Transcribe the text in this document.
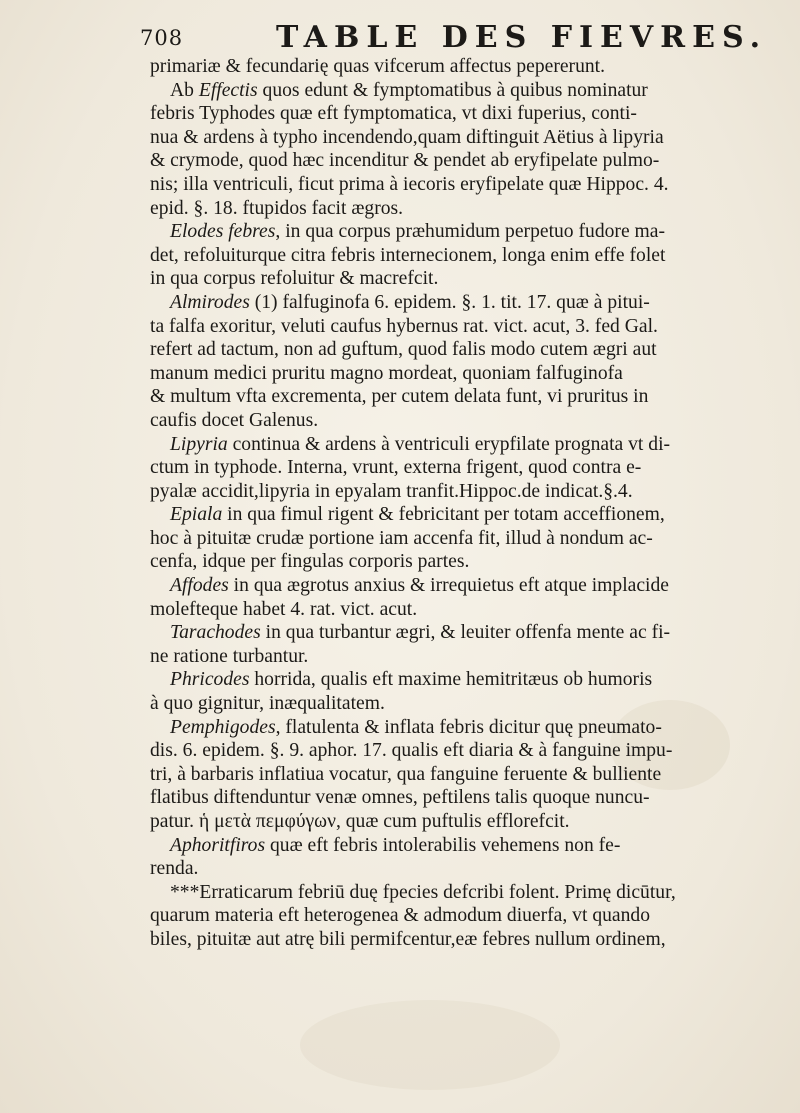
708	TABLE DES FIEVRES.
primariæ & fecundarię quas vifcerum affectus pepererunt.
Ab Effectis quos edunt & fymptomatibus à quibus nominatur
febris Typhodes quæ eft fymptomatica, vt dixi fuperius, conti-
nua & ardens à typho incendendo,quam diftinguit Aëtius à lipyria
& crymode, quod hæc incenditur & pendet ab eryfipelate pulmo-
nis; illa ventriculi, ficut prima à iecoris eryfipelate quæ Hippoc. 4.
epid. §. 18. ftupidos facit ægros.
Elodes febres, in qua corpus præhumidum perpetuo fudore ma-
det, refoluiturque citra febris internecionem, longa enim effe folet
in qua corpus refoluitur & macrefcit.
Almirodes (1) falfuginofa 6. epidem. §. 1. tit. 17. quæ à pitui-
ta falfa exoritur, veluti caufus hybernus rat. vict. acut, 3. fed Gal.
refert ad tactum, non ad guftum, quod falis modo cutem ægri aut
manum medici pruritu magno mordeat, quoniam falfuginofa
& multum vfta excrementa, per cutem delata funt, vi pruritus in
caufis docet Galenus.
Lipyria continua & ardens à ventriculi erypfilate prognata vt di-
ctum in typhode. Interna, vrunt, externa frigent, quod contra e-
pyalæ accidit,lipyria in epyalam tranfit.Hippoc.de indicat.§.4.
Epiala in qua fimul rigent & febricitant per totam acceffionem,
hoc à pituitæ crudæ portione iam accenfa fit, illud à nondum ac-
cenfa, idque per fingulas corporis partes.
Affodes in qua ægrotus anxius & irrequietus eft atque implacide
molefteque habet 4. rat. vict. acut.
Tarachodes in qua turbantur ægri, & leuiter offenfa mente ac fi-
ne ratione turbantur.
Phricodes horrida, qualis eft maxime hemitritæus ob humoris
à quo gignitur, inæqualitatem.
Pemphigodes, flatulenta & inflata febris dicitur quę pneumato-
dis. 6. epidem. §. 9. aphor. 17. qualis eft diaria & à fanguine impu-
tri, à barbaris inflatiua vocatur, qua fanguine feruente & bulliente
flatibus diftenduntur venæ omnes, peftilens talis quoque nuncu-
patur. ἡ μετὰ πεμφύγων, quæ cum puftulis efflorefcit.
Aphoritfiros quæ eft febris intolerabilis vehemens non fe-
renda.
***Erraticarum febriū duę fpecies defcribi folent. Primę dicūtur,
quarum materia eft heterogenea & admodum diuerfa, vt quando
biles, pituitæ aut atrę bili permifcentur,eæ febres nullum ordinem,
